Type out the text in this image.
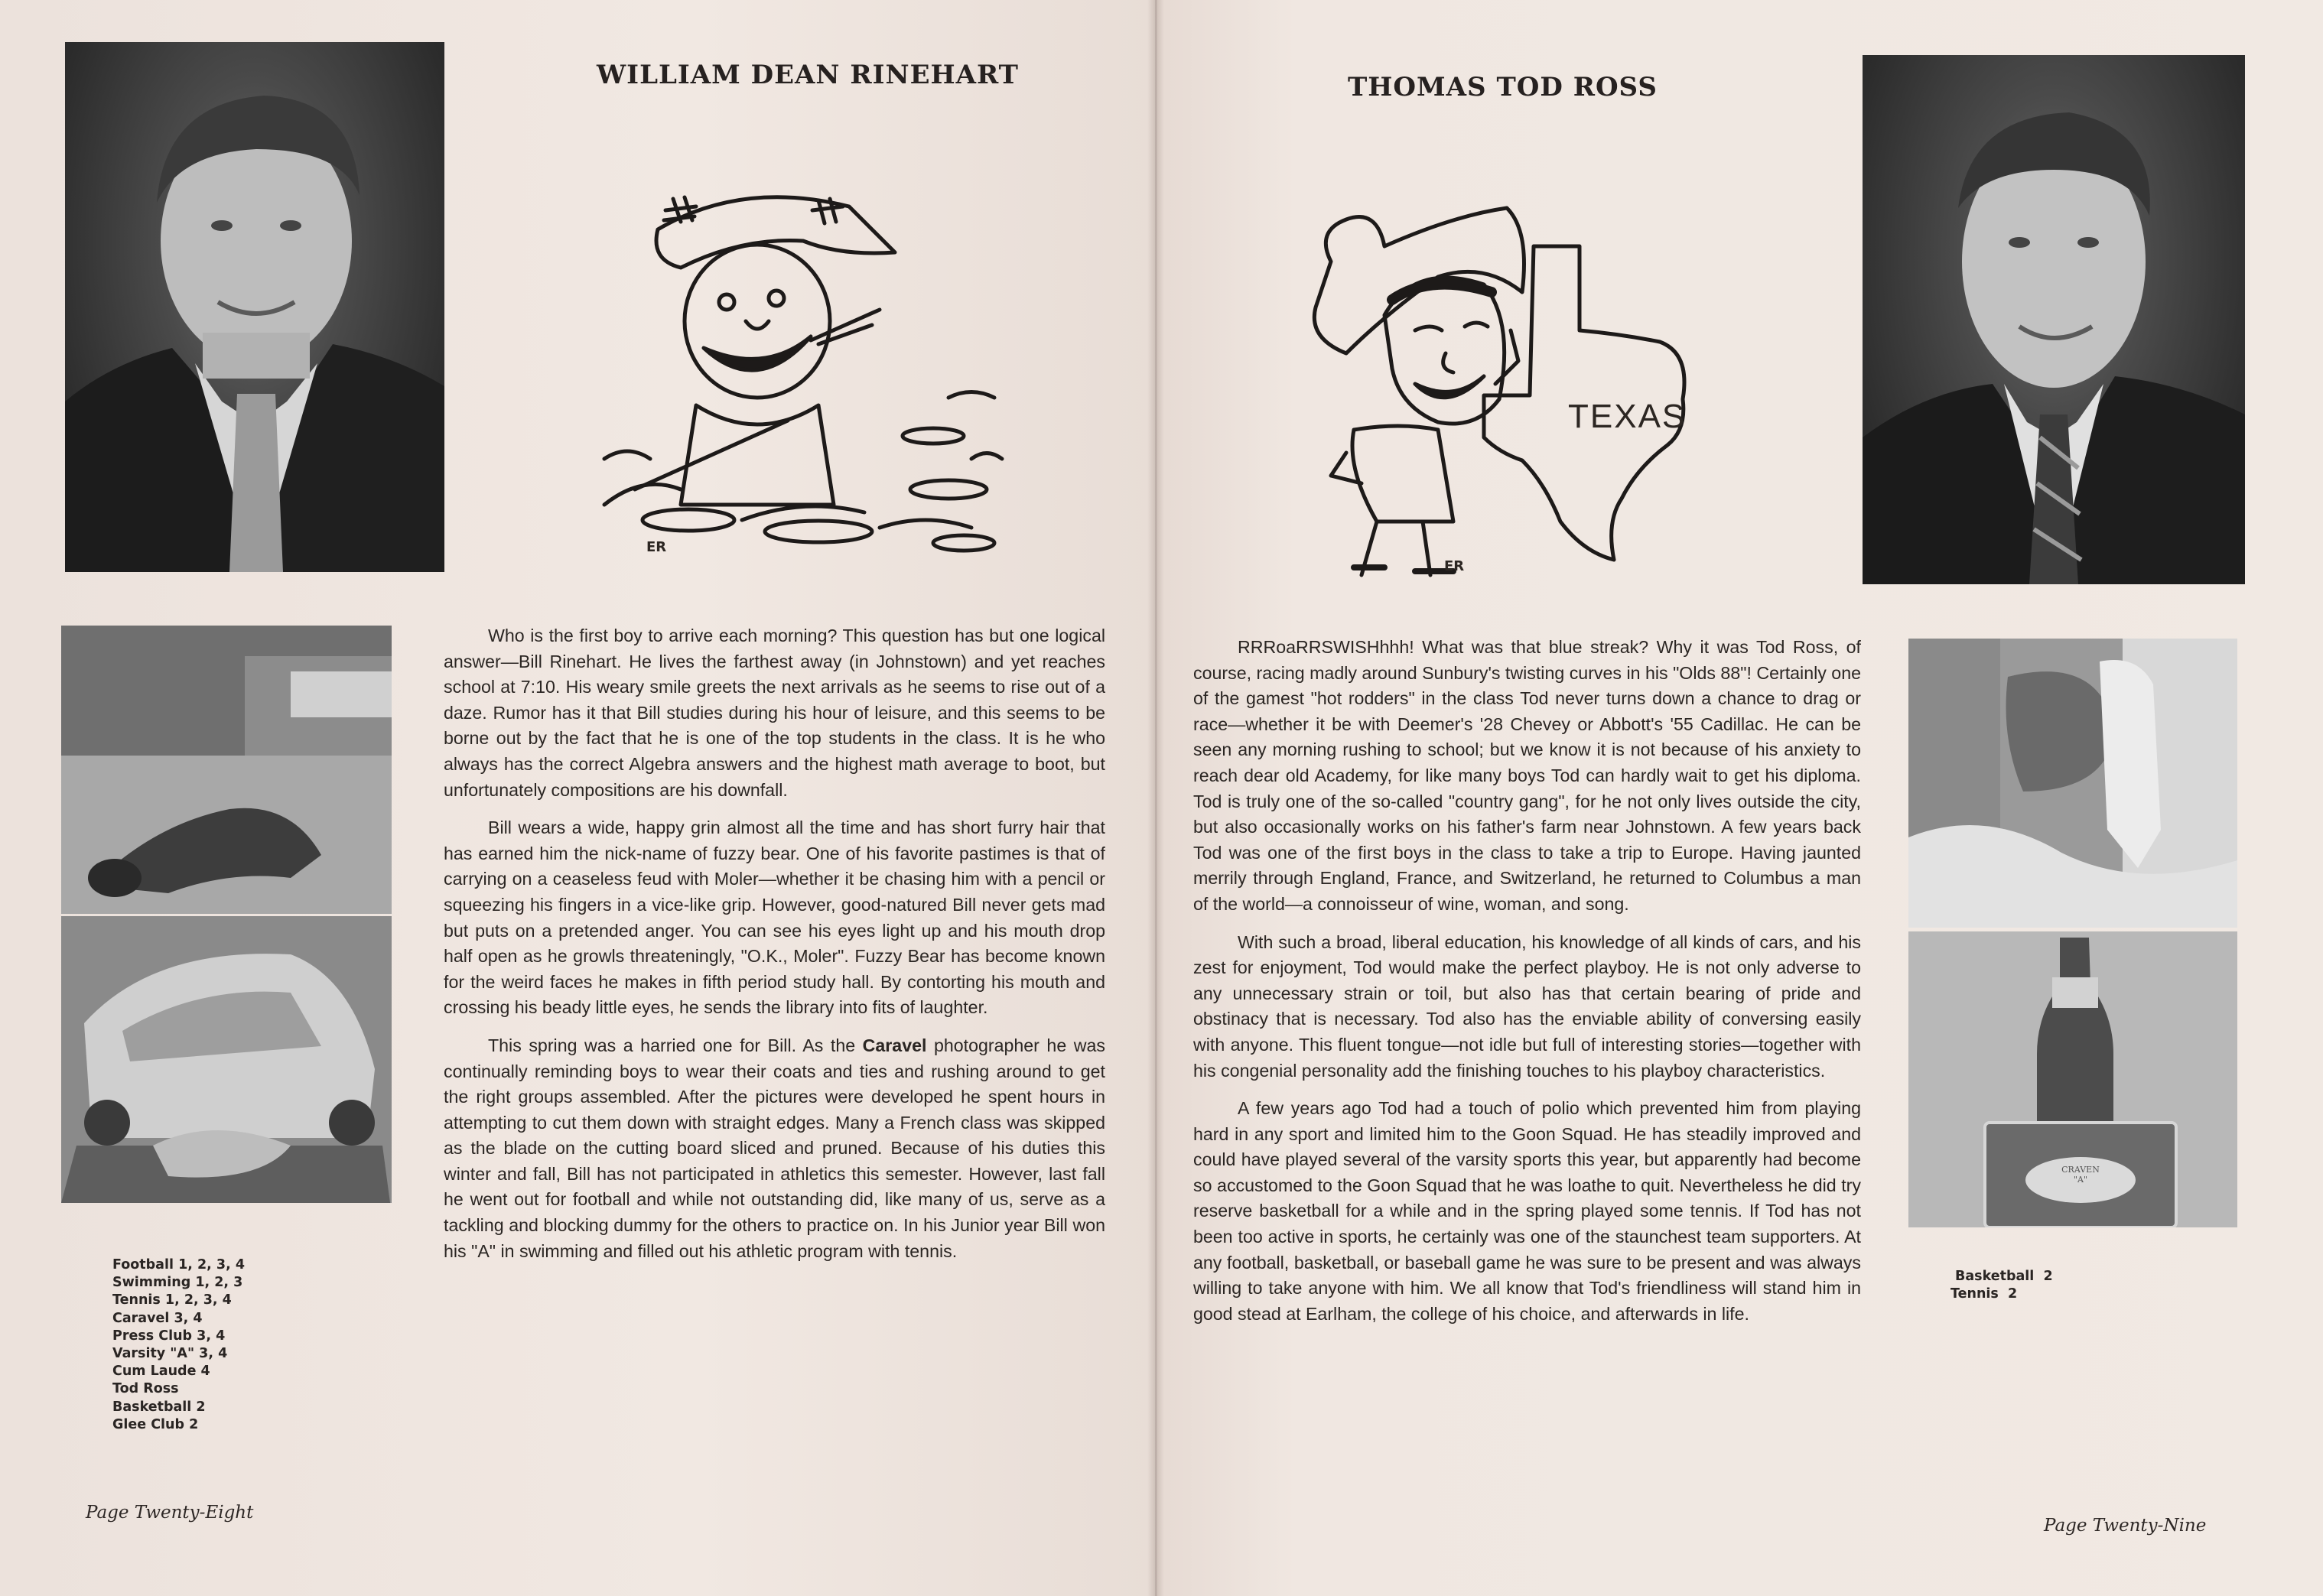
WILLIAM DEAN RINEHART
ER

Who is the first boy to arrive each morning? This question has but one logical answer—Bill Rinehart. He lives the farthest away (in Johnstown) and yet reaches school at 7:10. His weary smile greets the next arrivals as he seems to rise out of a daze. Rumor has it that Bill studies during his hour of leisure, and this seems to be borne out by the fact that he is one of the top students in the class. It is he who always has the correct Algebra answers and the highest math average to boot, but unfortunately compositions are his downfall.

Bill wears a wide, happy grin almost all the time and has short furry hair that has earned him the nick-name of fuzzy bear. One of his favorite pastimes is that of carrying on a ceaseless feud with Moler—whether it be chasing him with a pencil or squeezing his fingers in a vice-like grip. However, good-natured Bill never gets mad but puts on a pretended anger. You can see his eyes light up and his mouth drop half open as he growls threateningly, "O.K., Moler". Fuzzy Bear has become known for the weird faces he makes in fifth period study hall. By contorting his mouth and crossing his beady little eyes, he sends the library into fits of laughter.

This spring was a harried one for Bill. As the Caravel photographer he was continually reminding boys to wear their coats and ties and rushing around to get the right groups assembled. After the pictures were developed he spent hours in attempting to cut them down with straight edges. Many a French class was skipped as the blade on the cutting board sliced and pruned. Because of his duties this winter and fall, Bill has not participated in athletics this semester. However, last fall he went out for football and while not outstanding did, like many of us, serve as a tackling and blocking dummy for the others to practice on. In his Junior year Bill won his "A" in swimming and filled out his athletic program with tennis.

Football 1, 2, 3, 4
Swimming 1, 2, 3
Tennis 1, 2, 3, 4
Caravel 3, 4
Press Club 3, 4
Varsity "A" 3, 4
Cum Laude 4
Tod Ross
Basketball 2
Glee Club 2
Page Twenty-Eight
THOMAS TOD ROSS
TEXAS
ER

RRRoaRRSWISHhhh! What was that blue streak? Why it was Tod Ross, of course, racing madly around Sunbury's twisting curves in his "Olds 88"! Certainly one of the gamest "hot rodders" in the class Tod never turns down a chance to drag or race—whether it be with Deemer's '28 Chevey or Abbott's '55 Cadillac. He can be seen any morning rushing to school; but we know it is not because of his anxiety to reach dear old Academy, for like many boys Tod can hardly wait to get his diploma. Tod is truly one of the so-called "country gang", for he not only lives outside the city, but also occasionally works on his father's farm near Johnstown. A few years back Tod was one of the first boys in the class to take a trip to Europe. Having jaunted merrily through England, France, and Switzerland, he returned to Columbus a man of the world—a connoisseur of wine, woman, and song.

With such a broad, liberal education, his knowledge of all kinds of cars, and his zest for enjoyment, Tod would make the perfect playboy. He is not only adverse to any unnecessary strain or toil, but also has that certain bearing of pride and obstinacy that is necessary. Tod also has the enviable ability of conversing easily with anyone. This fluent tongue—not idle but full of interesting stories—together with his congenial personality add the finishing touches to his playboy characteristics.

A few years ago Tod had a touch of polio which prevented him from playing hard in any sport and limited him to the Goon Squad. He has steadily improved and could have played several of the varsity sports this year, but apparently had become so accustomed to the Goon Squad that he was loathe to quit. Nevertheless he did try reserve basketball for a while and in the spring played some tennis. If Tod has not been too active in sports, he certainly was one of the staunchest team supporters. At any football, basketball, or baseball game he was sure to be present and was always willing to take anyone with him. We all know that Tod's friendliness will stand him in good stead at Earlham, the college of his choice, and afterwards in life.

CRAVEN
"A"
Basketball  2
Tennis  2
Page Twenty-Nine
